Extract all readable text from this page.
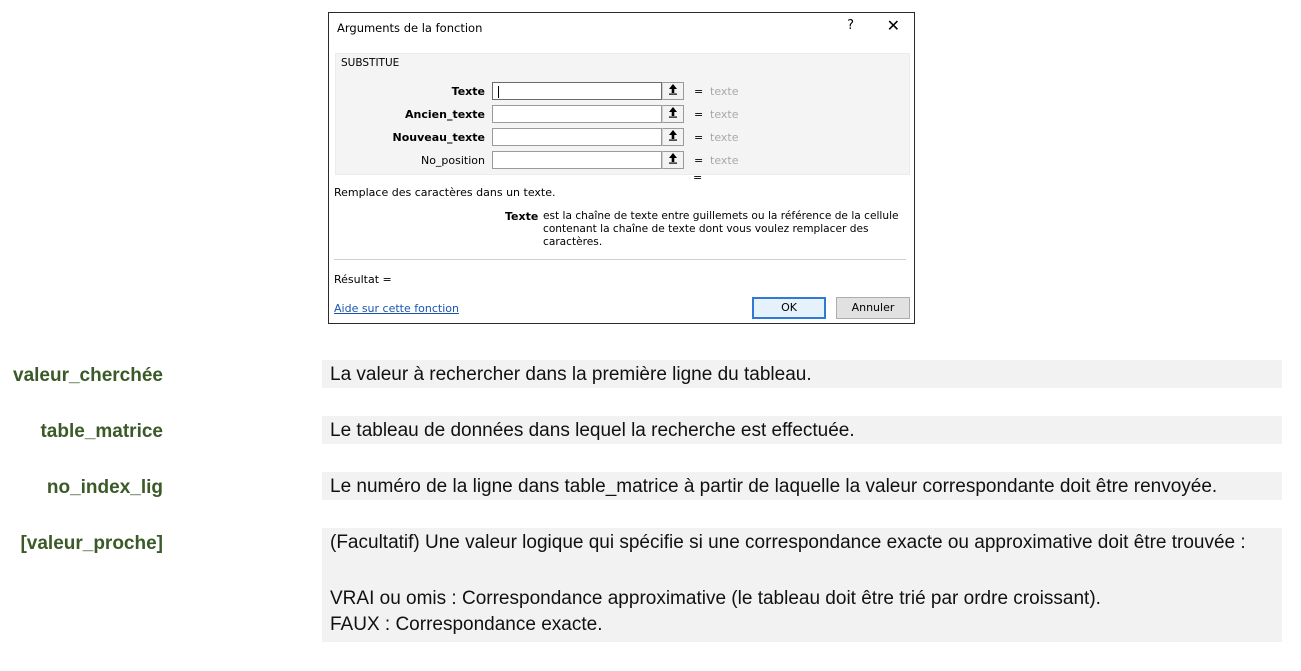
Arguments de la fonction	? ✕
SUBSTITUE
Texte	= texte
Ancien_texte	= texte
Nouveau_texte	= texte
No_position	= texte
=
Remplace des caractères dans un texte.
Texte est la chaîne de texte entre guillemets ou la référence de la cellule
contenant la chaîne de texte dont vous voulez remplacer des caractères.
Résultat =
Aide sur cette fonction	OK	Annuler
valeur_cherchée	La valeur à rechercher dans la première ligne du tableau.
table_matrice	Le tableau de données dans lequel la recherche est effectuée.
no_index_lig	Le numéro de la ligne dans table_matrice à partir de laquelle la valeur correspondante doit être renvoyée.
[valeur_proche]	(Facultatif) Une valeur logique qui spécifie si une correspondance exacte ou approximative doit être trouvée :
VRAI ou omis : Correspondance approximative (le tableau doit être trié par ordre croissant).
FAUX : Correspondance exacte.
